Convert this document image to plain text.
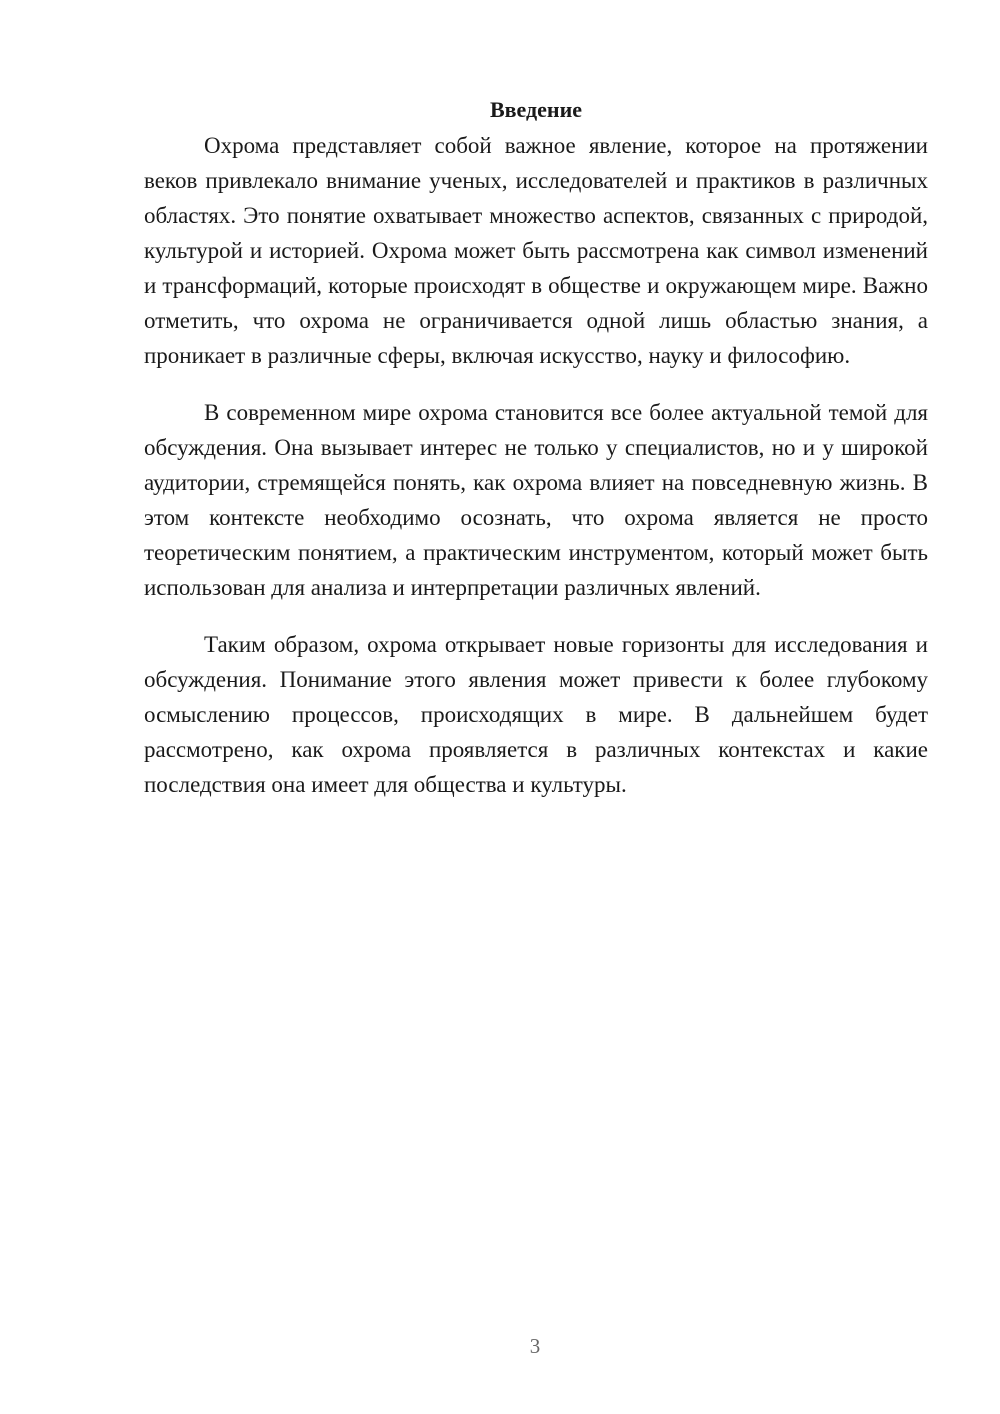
Введение

Охрома представляет собой важное явление, которое на протяжении веков привлекало внимание ученых, исследователей и практиков в различных областях. Это понятие охватывает множество аспектов, связанных с природой, культурой и историей. Охрома может быть рассмотрена как символ изменений и трансформаций, которые происходят в обществе и окружающем мире. Важно отметить, что охрома не ограничивается одной лишь областью знания, а проникает в различные сферы, включая искусство, науку и философию.

В современном мире охрома становится все более актуальной темой для обсуждения. Она вызывает интерес не только у специалистов, но и у широкой аудитории, стремящейся понять, как охрома влияет на повседневную жизнь. В этом контексте необходимо осознать, что охрома является не просто теоретическим понятием, а практическим инструментом, который может быть использован для анализа и интерпретации различных явлений.

Таким образом, охрома открывает новые горизонты для исследования и обсуждения. Понимание этого явления может привести к более глубокому осмыслению процессов, происходящих в мире. В дальнейшем будет рассмотрено, как охрома проявляется в различных контекстах и какие последствия она имеет для общества и культуры.

3
